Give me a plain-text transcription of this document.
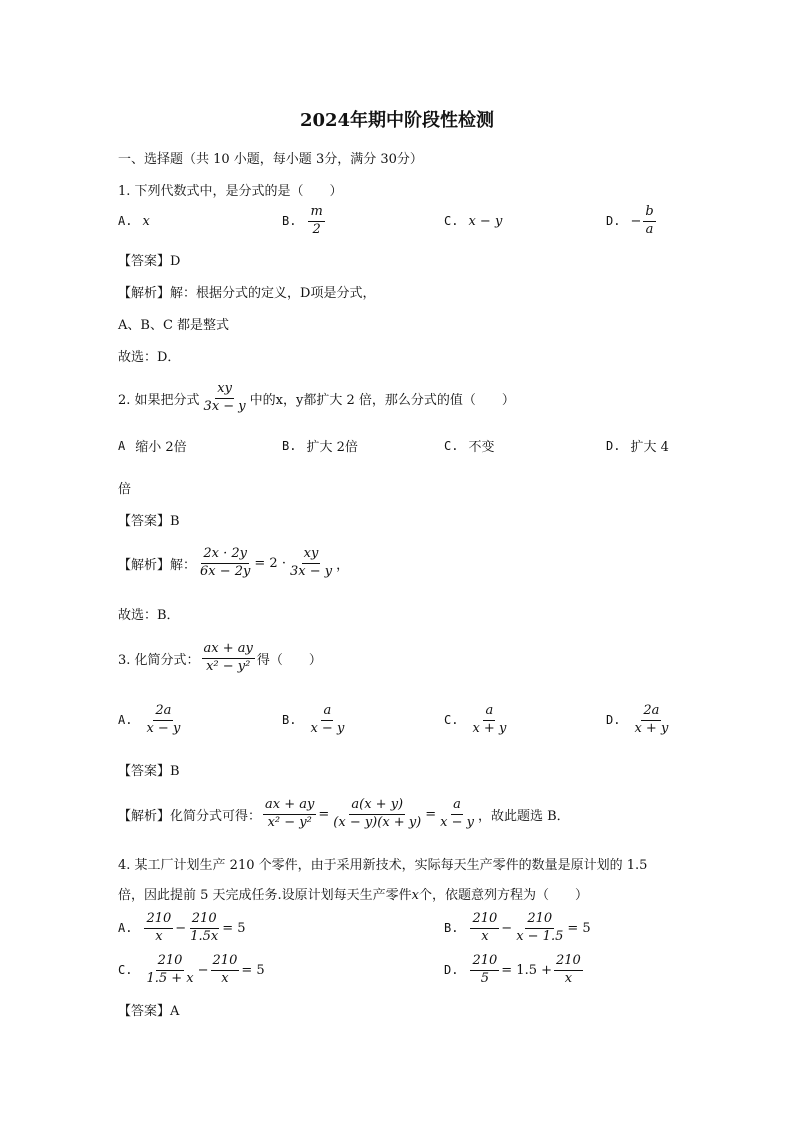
2024年期中阶段性检测
一、选择题（共 10 小题，每小题 3分，满分 30分）
1. 下列代数式中，是分式的是（　　）
A. x	B. $\frac{m}{2}$	C. x − y	D. − $\frac{b}{a}$
【答案】D
【解析】解：根据分式的定义，D项是分式，
A、B、C 都是整式
故选：D．
2. 如果把分式 $\frac{xy}{3x - y}$ 中的x，y都扩大 2 倍，那么分式的值（　　）
A 缩小 2倍	B. 扩大 2倍	C. 不变	D. 扩大 4
倍
【答案】B
【解析】 解： $\frac{2x \cdot 2y}{6x - 2y} = 2 \cdot \frac{xy}{3x - y}$ ，
故选：B．
3. 化简分式： $\frac{ax + ay}{\text{x² − y²}}$ 得（　　）
A. $\frac{2a}{x - y}$	B. $\frac{a}{x - y}$	C. $\frac{a}{x + y}$	D. $\frac{2a}{x + y}$
【答案】B
【解析】 化简分式可得： $\frac{ax + ay}{\text{x² − y²}} = \frac{a(x + y)}{(x - y)(x + y)} = \frac{a}{x - y}$ ，故此题选 B．
4. 某工厂计划生产 210 个零件，由于采用新技术，实际每天生产零件的数量是原计划的 1.5
倍，因此提前 5 天完成任务.设原计划每天生产零件x个，依题意列方程为（　　）
A. $\frac{210}{x} - \frac{210}{1.5x} = 5$	B. $\frac{210}{x} - \frac{210}{x - 1.5} = 5$
C. $\frac{210}{1.5 + x} - \frac{210}{x} = 5$	D. $\frac{210}{5} = 1.5 + \frac{210}{x}$
【答案】A
